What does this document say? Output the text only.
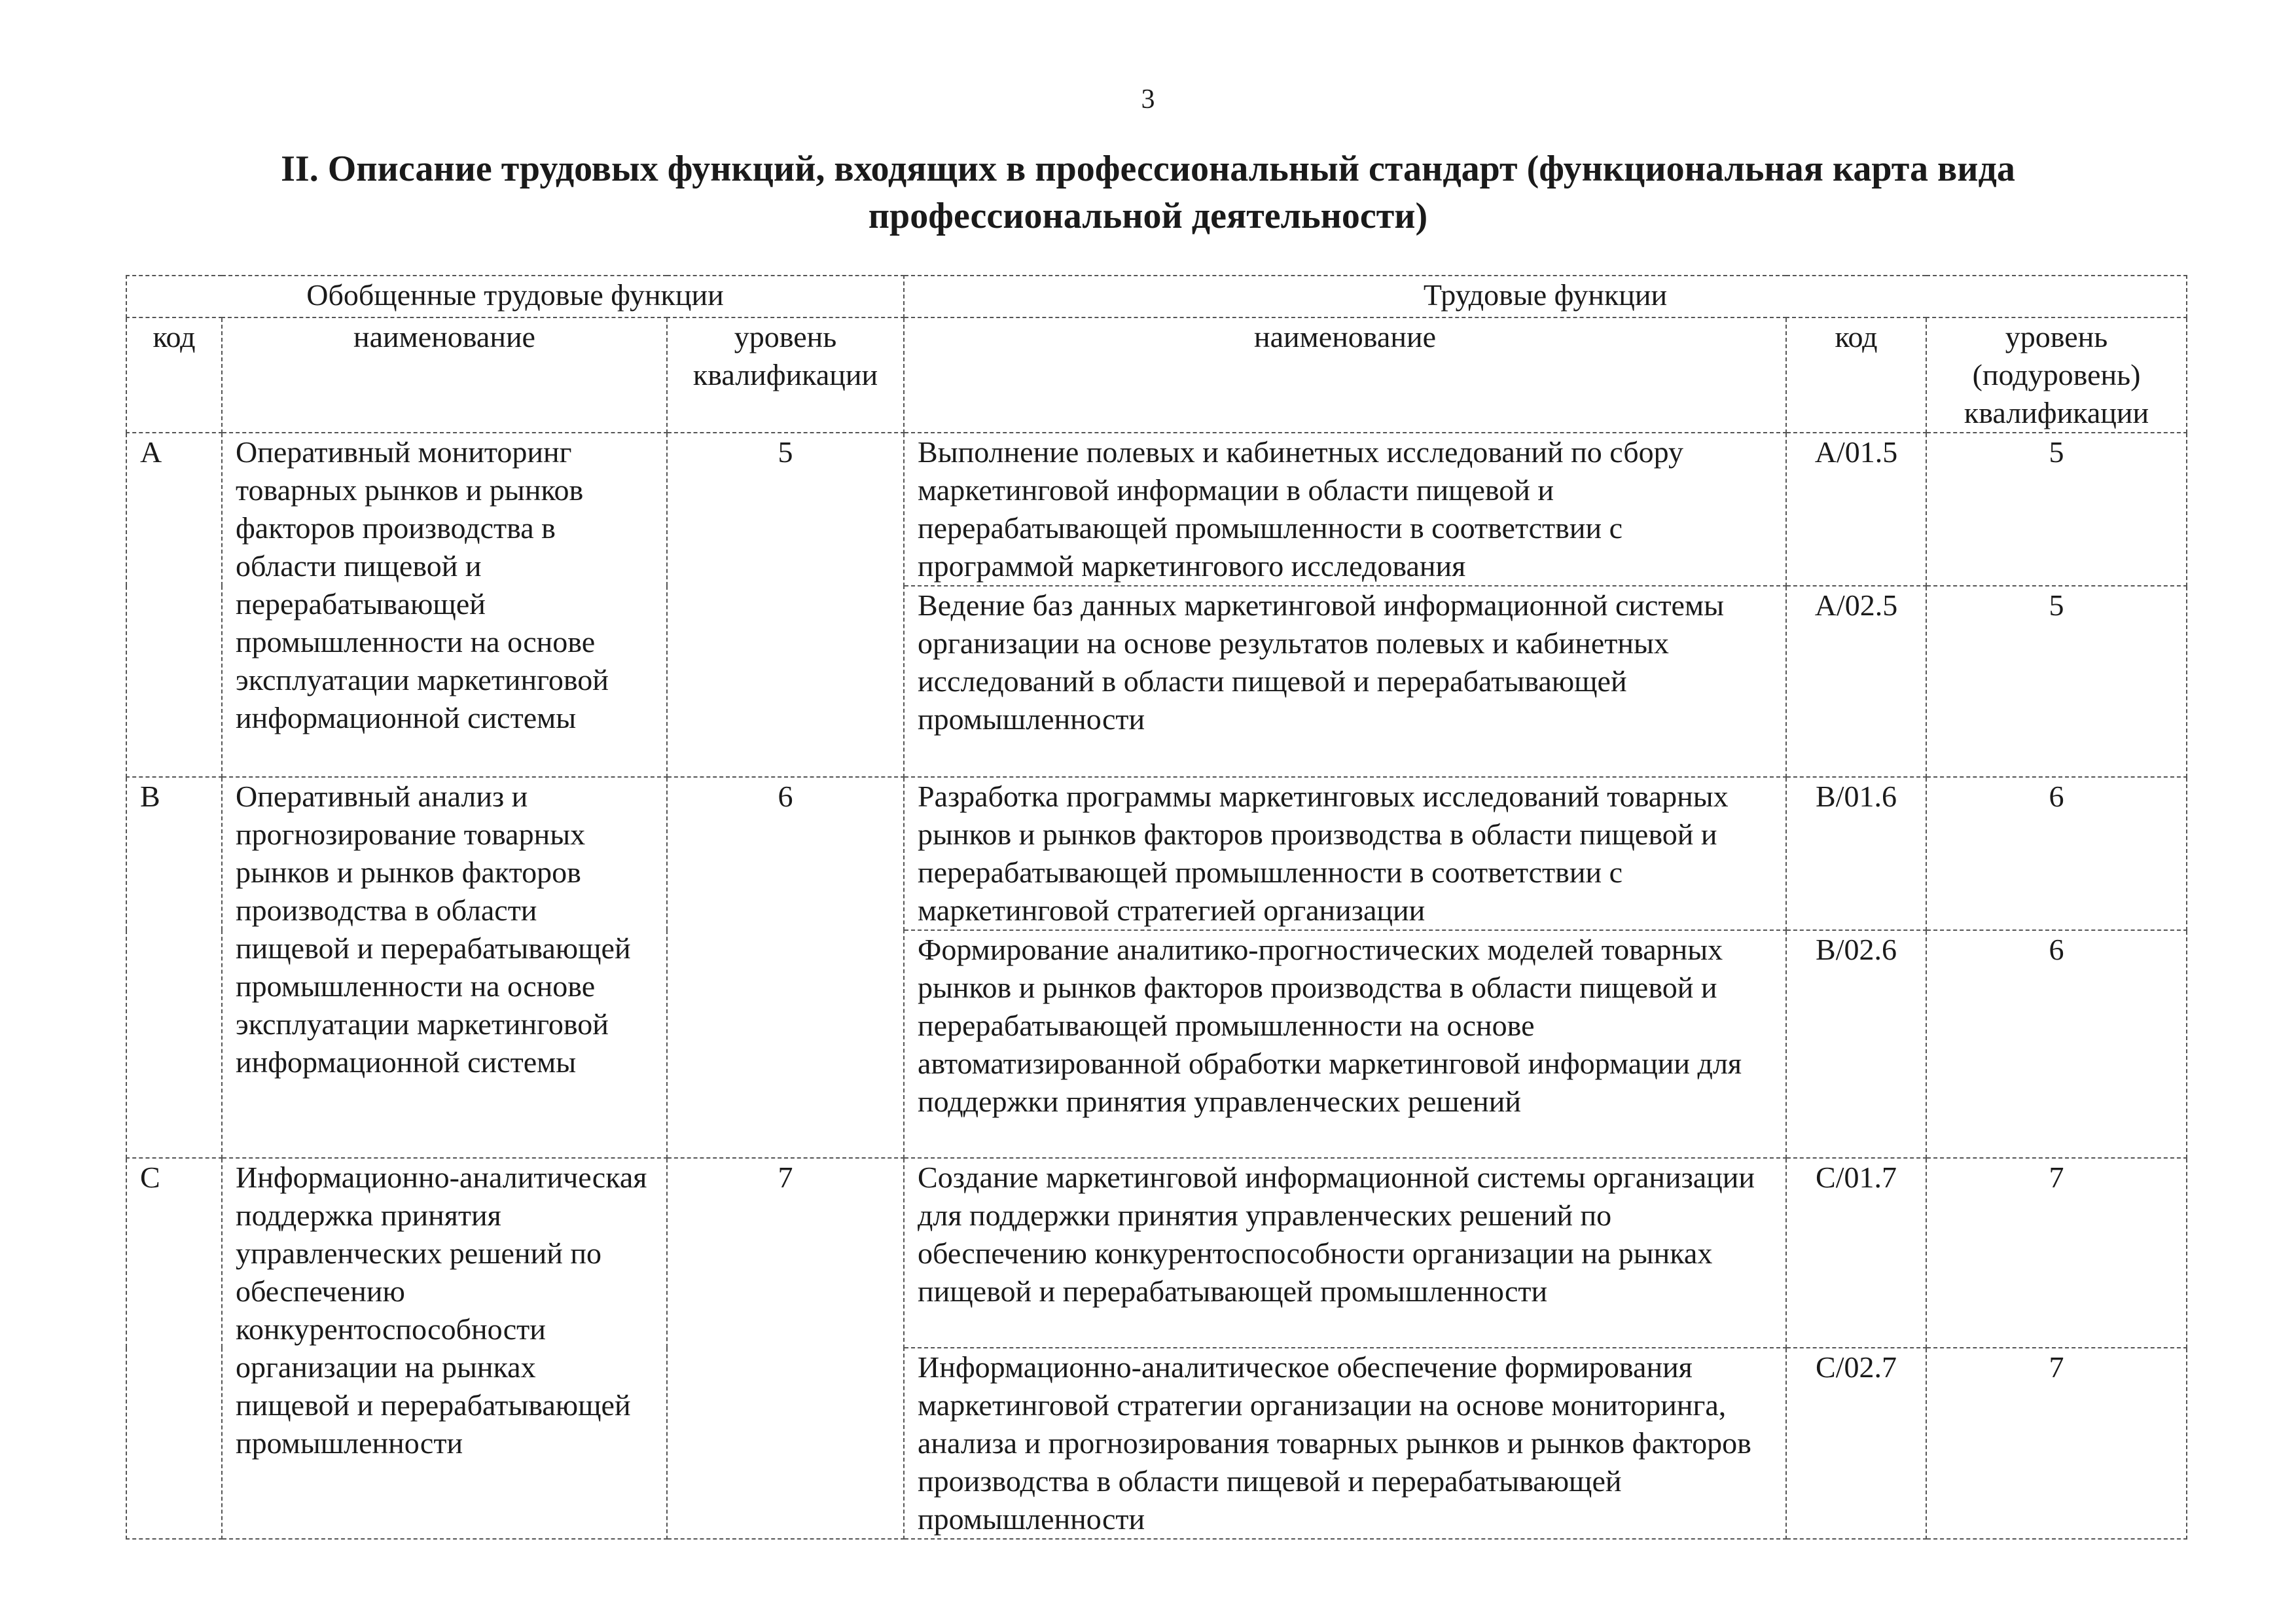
3
II. Описание трудовых функций, входящих в профессиональный стандарт (функциональная карта вида
профессиональной деятельности)
Обобщенные трудовые функции			Трудовые функции		
код	наименование	уровень квалификации	наименование	код	уровень (подуровень) квалификации
A	Оперативный мониторинг товарных рынков и рынков факторов производства в области пищевой и перерабатывающей промышленности на основе эксплуатации маркетинговой информационной системы	5	Выполнение полевых и кабинетных исследований по сбору маркетинговой информации в области пищевой и перерабатывающей промышленности в соответствии с программой маркетингового исследования	A/01.5	5
			Ведение баз данных маркетинговой информационной системы организации на основе результатов полевых и кабинетных исследований в области пищевой и перерабатывающей промышленности	A/02.5	5
B	Оперативный анализ и прогнозирование товарных рынков и рынков факторов производства в области пищевой и перерабатывающей промышленности на основе эксплуатации маркетинговой информационной системы	6	Разработка программы маркетинговых исследований товарных рынков и рынков факторов производства в области пищевой и перерабатывающей промышленности в соответствии с маркетинговой стратегией организации	B/01.6	6
			Формирование аналитико-прогностических моделей товарных рынков и рынков факторов производства в области пищевой и перерабатывающей промышленности на основе автоматизированной обработки маркетинговой информации для поддержки принятия управленческих решений	B/02.6	6
C	Информационно-аналитическая поддержка принятия управленческих решений по обеспечению конкурентоспособности организации на рынках пищевой и перерабатывающей промышленности	7	Создание маркетинговой информационной системы организации для поддержки принятия управленческих решений по обеспечению конкурентоспособности организации на рынках пищевой и перерабатывающей промышленности	C/01.7	7
			Информационно-аналитическое обеспечение формирования маркетинговой стратегии организации на основе мониторинга, анализа и прогнозирования товарных рынков и рынков факторов производства в области пищевой и перерабатывающей промышленности	C/02.7	7
